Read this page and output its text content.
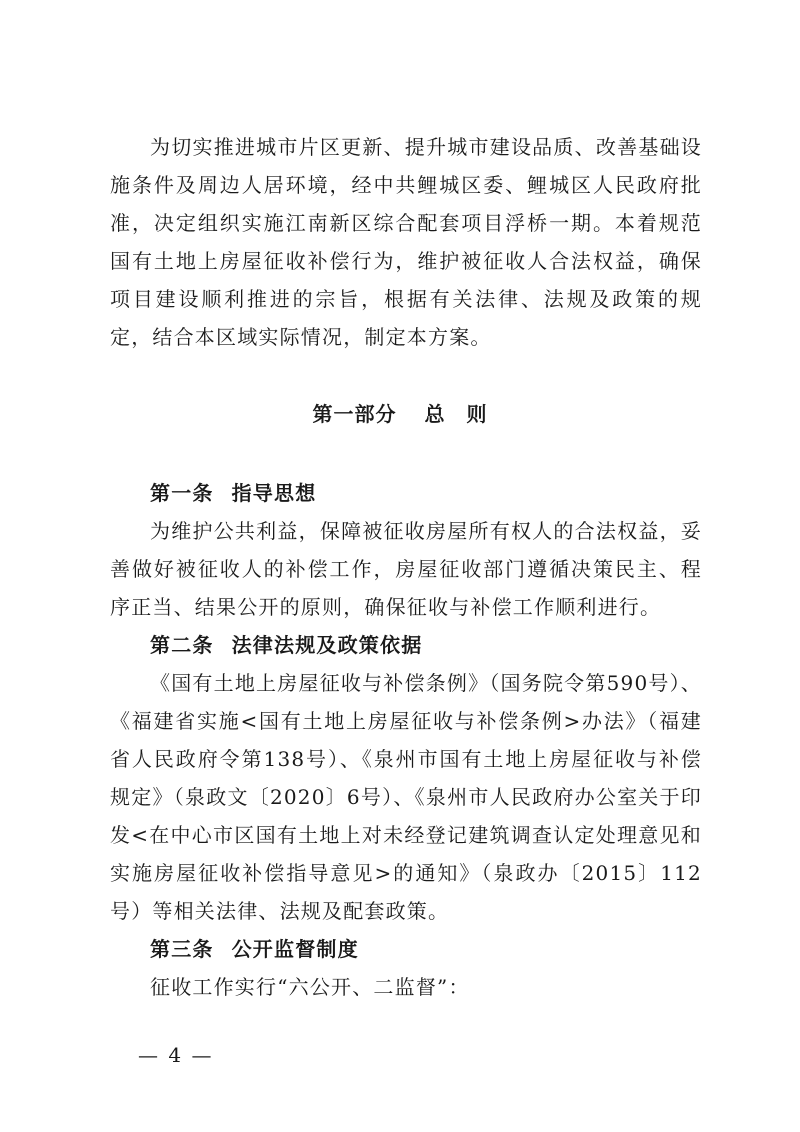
为切实推进城市片区更新、提升城市建设品质、改善基础设施条件及周边人居环境，经中共鲤城区委、鲤城区人民政府批准，决定组织实施江南新区综合配套项目浮桥一期。本着规范国有土地上房屋征收补偿行为，维护被征收人合法权益，确保项目建设顺利推进的宗旨，根据有关法律、法规及政策的规定，结合本区域实际情况，制定本方案。

第一部分 总　则

第一条 指导思想

为维护公共利益，保障被征收房屋所有权人的合法权益，妥善做好被征收人的补偿工作，房屋征收部门遵循决策民主、程序正当、结果公开的原则，确保征收与补偿工作顺利进行。

第二条 法律法规及政策依据

《国有土地上房屋征收与补偿条例》（国务院令第590号）、《福建省实施<国有土地上房屋征收与补偿条例>办法》（福建省人民政府令第138号）、《泉州市国有土地上房屋征收与补偿规定》（泉政文〔2020〕6号）、《泉州市人民政府办公室关于印发<在中心市区国有土地上对未经登记建筑调查认定处理意见和实施房屋征收补偿指导意见>的通知》（泉政办〔2015〕112号）等相关法律、法规及配套政策。

第三条 公开监督制度

征收工作实行“六公开、二监督”：

— 4 —
